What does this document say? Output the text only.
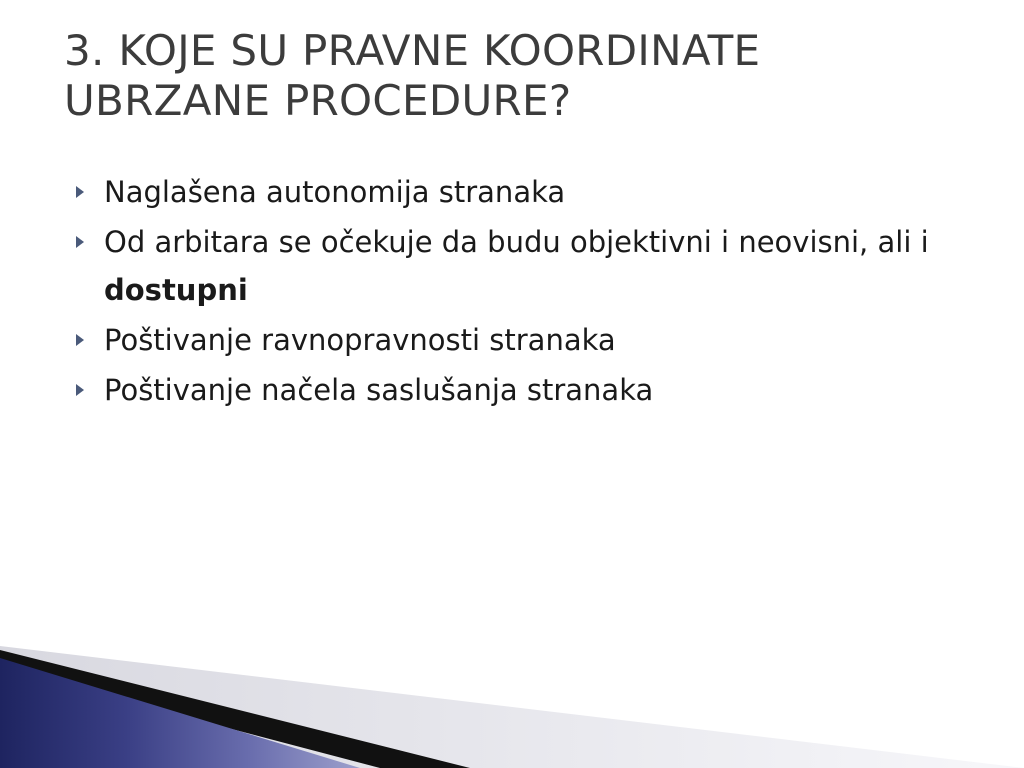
3. KOJE SU PRAVNE KOORDINATE UBRZANE PROCEDURE?
Naglašena autonomija stranaka
Od arbitara se očekuje da budu objektivni i neovisni, ali i dostupni
Poštivanje ravnopravnosti stranaka
Poštivanje načela saslušanja stranaka
